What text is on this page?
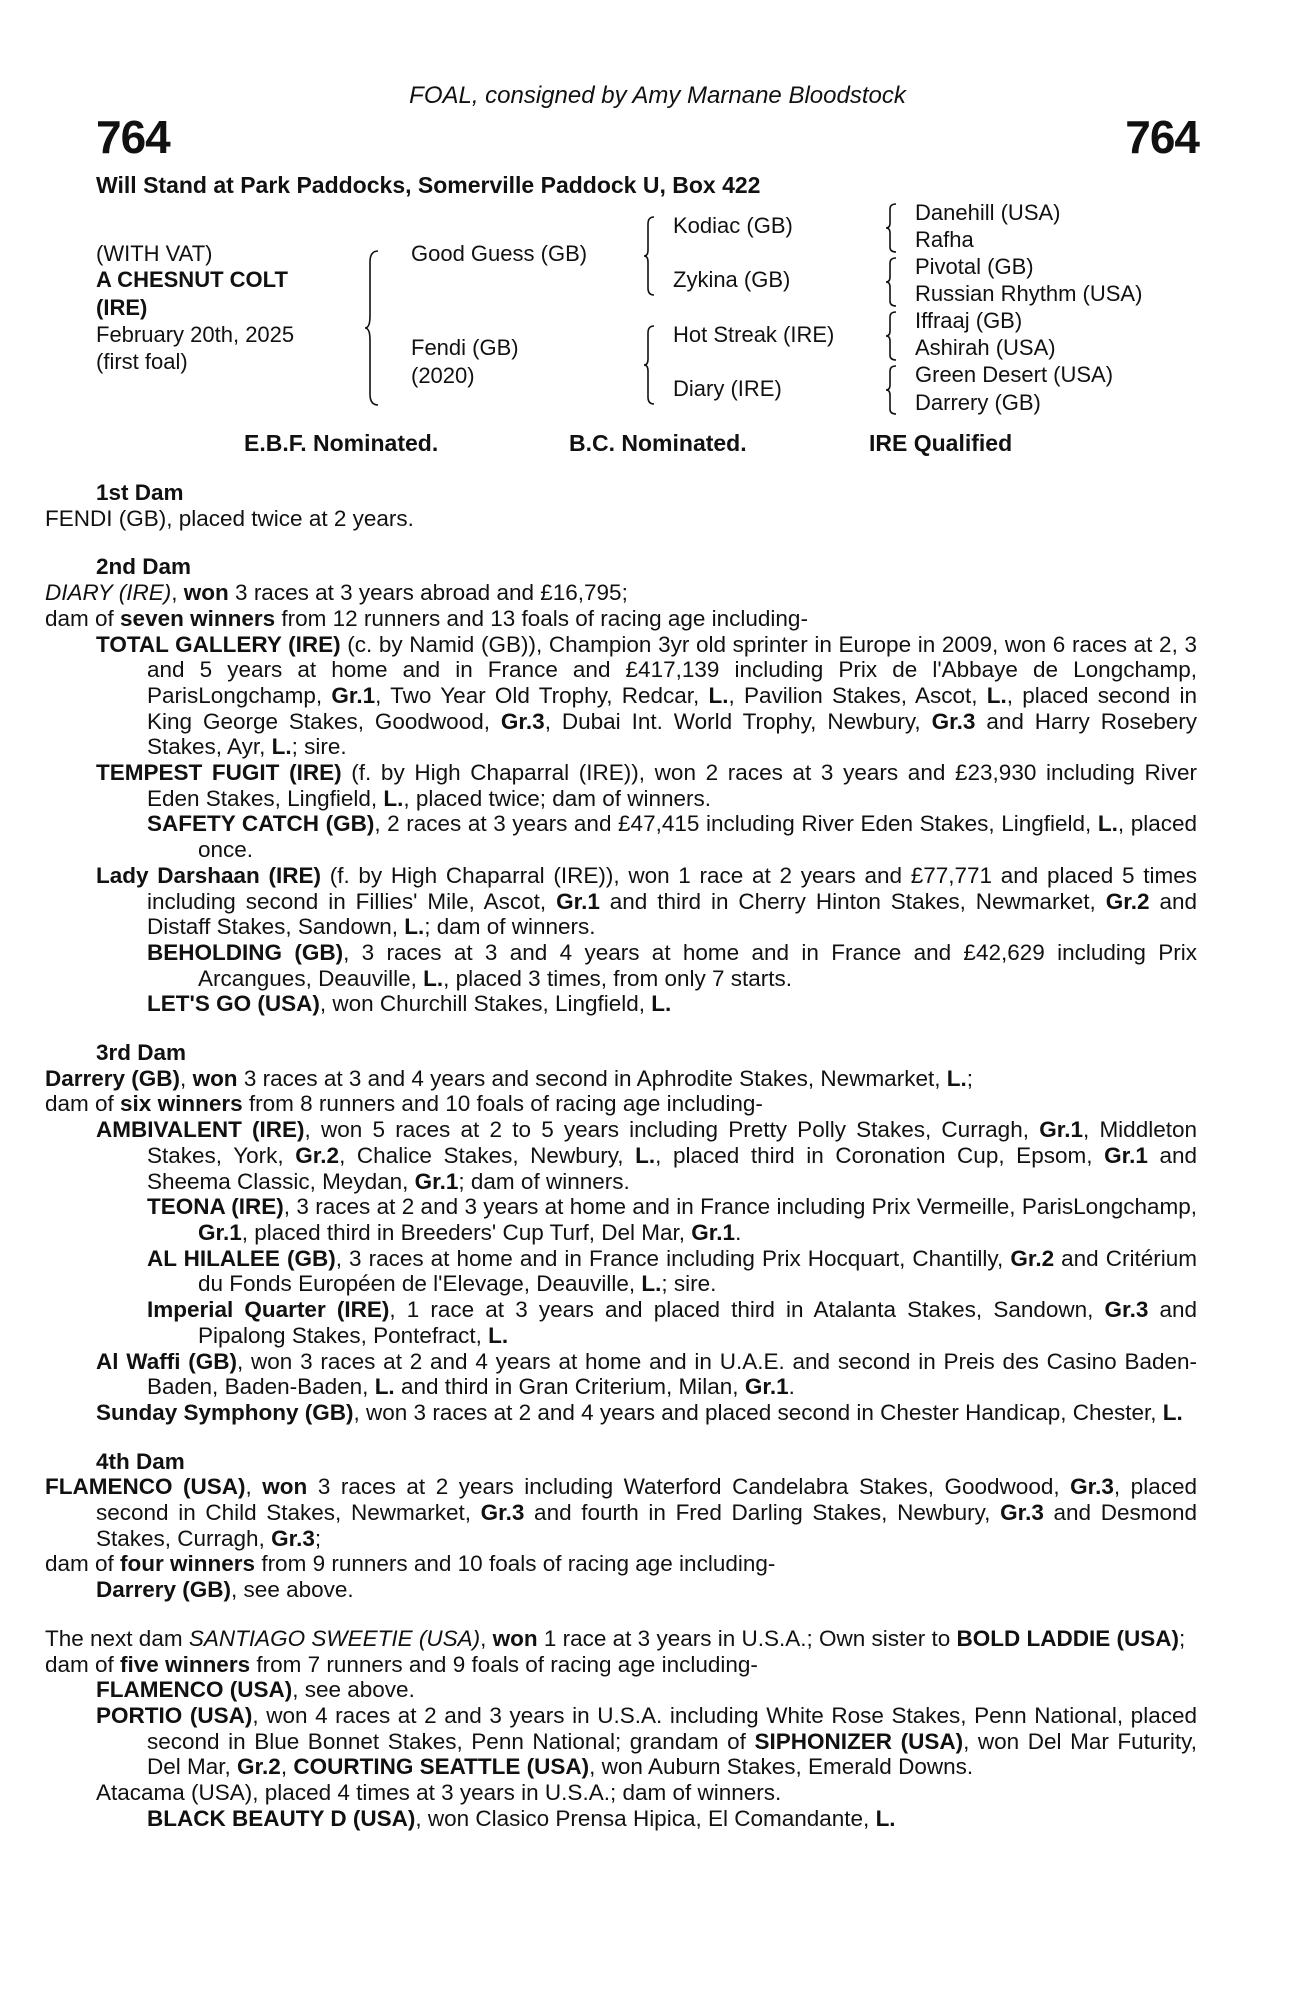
FOAL, consigned by Amy Marnane Bloodstock
764	764
Will Stand at Park Paddocks, Somerville Paddock U, Box 422
(WITH VAT)
A CHESNUT COLT
(IRE)
February 20th, 2025
(first foal)
Good Guess (GB)
Fendi (GB)
(2020)
Kodiac (GB)
Zykina (GB)
Hot Streak (IRE)
Diary (IRE)
Danehill (USA)
Rafha
Pivotal (GB)
Russian Rhythm (USA)
Iffraaj (GB)
Ashirah (USA)
Green Desert (USA)
Darrery (GB)
E.B.F. Nominated.	B.C. Nominated.	IRE Qualified
1st Dam
FENDI (GB), placed twice at 2 years.
2nd Dam
DIARY (IRE), won 3 races at 3 years abroad and £16,795;
dam of seven winners from 12 runners and 13 foals of racing age including-
TOTAL GALLERY (IRE) (c. by Namid (GB)), Champion 3yr old sprinter in Europe in 2009, won 6 races at 2, 3 and 5 years at home and in France and £417,139 including Prix de l'Abbaye de Longchamp, ParisLongchamp, Gr.1, Two Year Old Trophy, Redcar, L., Pavilion Stakes, Ascot, L., placed second in King George Stakes, Goodwood, Gr.3, Dubai Int. World Trophy, Newbury, Gr.3 and Harry Rosebery Stakes, Ayr, L.; sire.
TEMPEST FUGIT (IRE) (f. by High Chaparral (IRE)), won 2 races at 3 years and £23,930 including River Eden Stakes, Lingfield, L., placed twice; dam of winners.
SAFETY CATCH (GB), 2 races at 3 years and £47,415 including River Eden Stakes, Lingfield, L., placed once.
Lady Darshaan (IRE) (f. by High Chaparral (IRE)), won 1 race at 2 years and £77,771 and placed 5 times including second in Fillies' Mile, Ascot, Gr.1 and third in Cherry Hinton Stakes, Newmarket, Gr.2 and Distaff Stakes, Sandown, L.; dam of winners.
BEHOLDING (GB), 3 races at 3 and 4 years at home and in France and £42,629 including Prix Arcangues, Deauville, L., placed 3 times, from only 7 starts.
LET'S GO (USA), won Churchill Stakes, Lingfield, L.
3rd Dam
Darrery (GB), won 3 races at 3 and 4 years and second in Aphrodite Stakes, Newmarket, L.;
dam of six winners from 8 runners and 10 foals of racing age including-
AMBIVALENT (IRE), won 5 races at 2 to 5 years including Pretty Polly Stakes, Curragh, Gr.1, Middleton Stakes, York, Gr.2, Chalice Stakes, Newbury, L., placed third in Coronation Cup, Epsom, Gr.1 and Sheema Classic, Meydan, Gr.1; dam of winners.
TEONA (IRE), 3 races at 2 and 3 years at home and in France including Prix Vermeille, ParisLongchamp, Gr.1, placed third in Breeders' Cup Turf, Del Mar, Gr.1.
AL HILALEE (GB), 3 races at home and in France including Prix Hocquart, Chantilly, Gr.2 and Critérium du Fonds Européen de l'Elevage, Deauville, L.; sire.
Imperial Quarter (IRE), 1 race at 3 years and placed third in Atalanta Stakes, Sandown, Gr.3 and Pipalong Stakes, Pontefract, L.
Al Waffi (GB), won 3 races at 2 and 4 years at home and in U.A.E. and second in Preis des Casino Baden-Baden, Baden-Baden, L. and third in Gran Criterium, Milan, Gr.1.
Sunday Symphony (GB), won 3 races at 2 and 4 years and placed second in Chester Handicap, Chester, L.
4th Dam
FLAMENCO (USA), won 3 races at 2 years including Waterford Candelabra Stakes, Goodwood, Gr.3, placed second in Child Stakes, Newmarket, Gr.3 and fourth in Fred Darling Stakes, Newbury, Gr.3 and Desmond Stakes, Curragh, Gr.3;
dam of four winners from 9 runners and 10 foals of racing age including-
Darrery (GB), see above.
The next dam SANTIAGO SWEETIE (USA), won 1 race at 3 years in U.S.A.; Own sister to BOLD LADDIE (USA);
dam of five winners from 7 runners and 9 foals of racing age including-
FLAMENCO (USA), see above.
PORTIO (USA), won 4 races at 2 and 3 years in U.S.A. including White Rose Stakes, Penn National, placed second in Blue Bonnet Stakes, Penn National; grandam of SIPHONIZER (USA), won Del Mar Futurity, Del Mar, Gr.2, COURTING SEATTLE (USA), won Auburn Stakes, Emerald Downs.
Atacama (USA), placed 4 times at 3 years in U.S.A.; dam of winners.
BLACK BEAUTY D (USA), won Clasico Prensa Hipica, El Comandante, L.
